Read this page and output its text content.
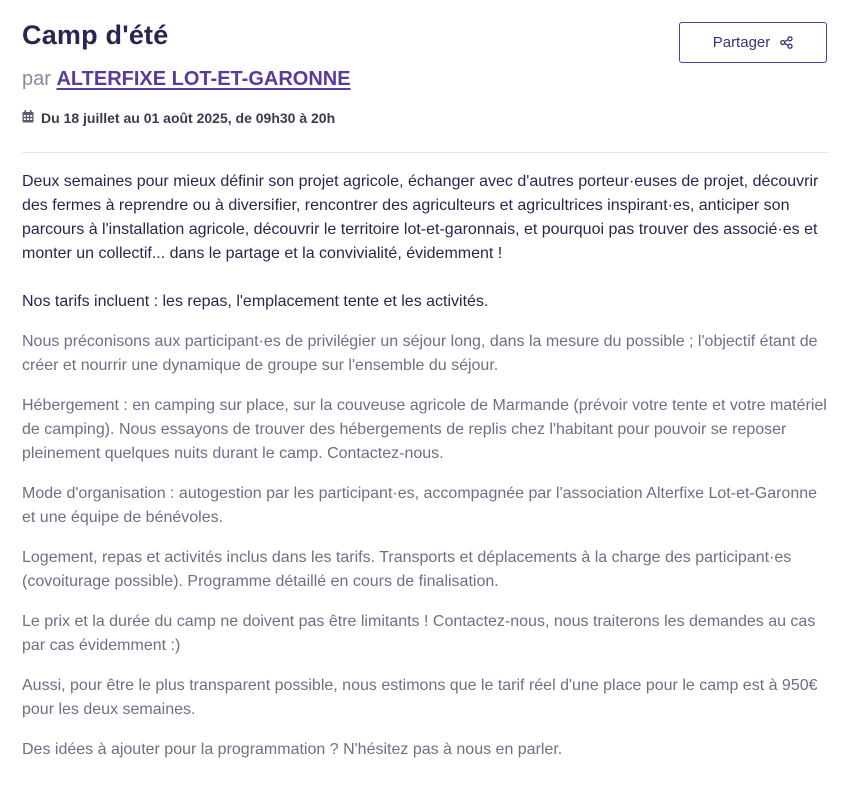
Camp d'été
par ALTERFIXE LOT-ET-GARONNE
Partager
Du 18 juillet au 01 août 2025, de 09h30 à 20h

Deux semaines pour mieux définir son projet agricole, échanger avec d'autres porteur·euses de projet, découvrir des fermes à reprendre ou à diversifier, rencontrer des agriculteurs et agricultrices inspirant·es, anticiper son parcours à l'installation agricole, découvrir le territoire lot-et-garonnais, et pourquoi pas trouver des associé·es et monter un collectif... dans le partage et la convivialité, évidemment !

Nos tarifs incluent : les repas, l'emplacement tente et les activités.

Nous préconisons aux participant·es de privilégier un séjour long, dans la mesure du possible ; l'objectif étant de créer et nourrir une dynamique de groupe sur l'ensemble du séjour.

Hébergement : en camping sur place, sur la couveuse agricole de Marmande (prévoir votre tente et votre matériel de camping). Nous essayons de trouver des hébergements de replis chez l'habitant pour pouvoir se reposer pleinement quelques nuits durant le camp. Contactez-nous.

Mode d'organisation : autogestion par les participant·es, accompagnée par l'association Alterfixe Lot-et-Garonne et une équipe de bénévoles.

Logement, repas et activités inclus dans les tarifs. Transports et déplacements à la charge des participant·es (covoiturage possible). Programme détaillé en cours de finalisation.

Le prix et la durée du camp ne doivent pas être limitants ! Contactez-nous, nous traiterons les demandes au cas par cas évidemment :)

Aussi, pour être le plus transparent possible, nous estimons que le tarif réel d'une place pour le camp est à 950€ pour les deux semaines.

Des idées à ajouter pour la programmation ? N'hésitez pas à nous en parler.
